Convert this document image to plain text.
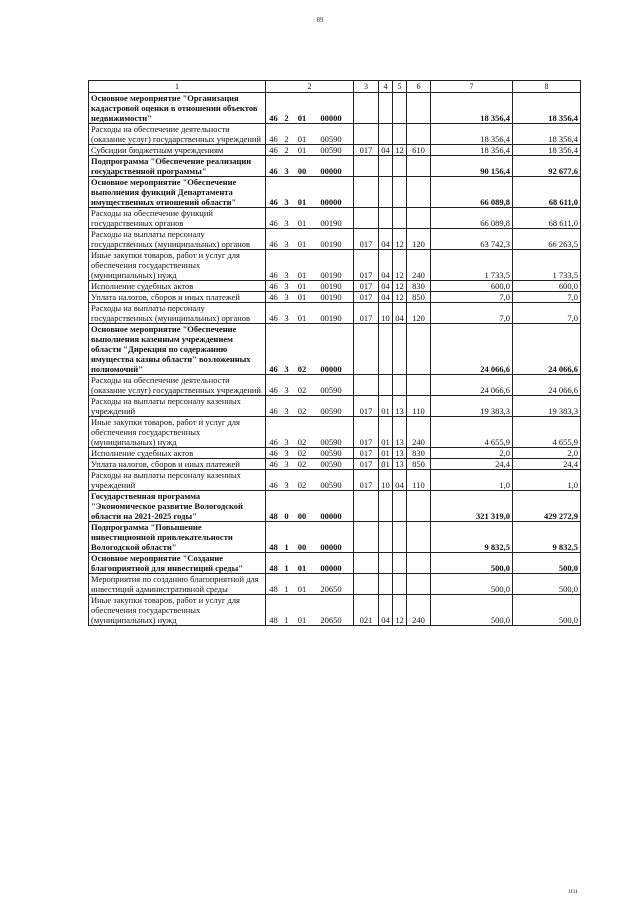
89
1	2	3	4	5	6	7	8
Основное мероприятие "Организация кадастровой оценки в отношении объектов недвижимости"	46 2 01 00000					18 356,4	18 356,4
Расходы на обеспечение деятельности (оказание услуг) государственных учреждений	46 2 01 00590					18 356,4	18 356,4
Субсидии бюджетным учреждениям	46 2 01 00590	017	04	12	610	18 356,4	18 356,4
Подпрограмма "Обеспечение реализации государственной программы"	46 3 00 00000					90 156,4	92 677,6
Основное мероприятие "Обеспечение выполнения функций Департамента имущественных отношений области"	46 3 01 00000					66 089,8	68 611,0
Расходы на обеспечение функций государственных органов	46 3 01 00190					66 089,8	68 611,0
Расходы на выплаты персоналу государственных (муниципальных) органов	46 3 01 00190	017	04	12	120	63 742,3	66 263,5
Иные закупки товаров, работ и услуг для обеспечения государственных (муниципальных) нужд	46 3 01 00190	017	04	12	240	1 733,5	1 733,5
Исполнение судебных актов	46 3 01 00190	017	04	12	830	600,0	600,0
Уплата налогов, сборов и иных платежей	46 3 01 00190	017	04	12	850	7,0	7,0
Расходы на выплаты персоналу государственных (муниципальных) органов	46 3 01 00190	017	10	04	120	7,0	7,0
Основное мероприятие "Обеспечение выполнения казенным учреждением области "Дирекция по содержанию имущества казны области" возложенных полномочий"	46 3 02 00000					24 066,6	24 066,6
Расходы на обеспечение деятельности (оказание услуг) государственных учреждений	46 3 02 00590					24 066,6	24 066,6
Расходы на выплаты персоналу казенных учреждений	46 3 02 00590	017	01	13	110	19 383,3	19 383,3
Иные закупки товаров, работ и услуг для обеспечения государственных (муниципальных) нужд	46 3 02 00590	017	01	13	240	4 655,9	4 655,9
Исполнение судебных актов	46 3 02 00590	017	01	13	830	2,0	2,0
Уплата налогов, сборов и иных платежей	46 3 02 00590	017	01	13	850	24,4	24,4
Расходы на выплаты персоналу казенных учреждений	46 3 02 00590	017	10	04	110	1,0	1,0
Государственная программа "Экономическое развитие Вологодской области на 2021-2025 годы"	48 0 00 00000					321 319,0	429 272,9
Подпрограмма "Повышение инвестиционной привлекательности Вологодской области"	48 1 00 00000					9 832,5	9 832,5
Основное мероприятие "Создание благоприятной для инвестиций среды"	48 1 01 00000					500,0	500,0
Мероприятия по созданию благоприятной для инвестиций административной среды	48 1 01 20650					500,0	500,0
Иные закупки товаров, работ и услуг для обеспечения государственных (муниципальных) нужд	48 1 01 20650	021	04	12	240	500,0	500,0
ıııı
